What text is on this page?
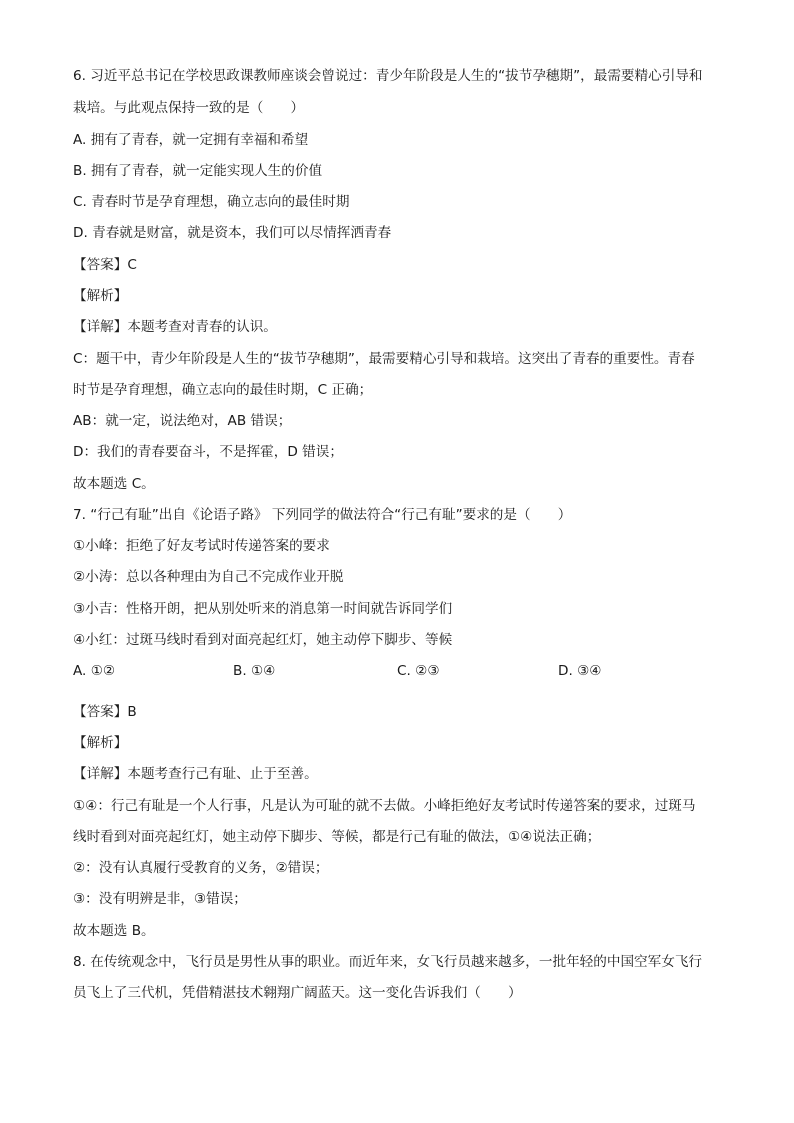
6. 习近平总书记在学校思政课教师座谈会曾说过：青少年阶段是人生的“拔节孕穗期”，最需要精心引导和
栽培。与此观点保持一致的是（　　）
A. 拥有了青春，就一定拥有幸福和希望
B. 拥有了青春，就一定能实现人生的价值
C. 青春时节是孕育理想，确立志向的最佳时期
D. 青春就是财富，就是资本，我们可以尽情挥洒青春
【答案】C
【解析】
【详解】本题考查对青春的认识。
C：题干中，青少年阶段是人生的“拔节孕穗期”，最需要精心引导和栽培。这突出了青春的重要性。青春
时节是孕育理想，确立志向的最佳时期，C 正确；
AB：就一定，说法绝对，AB 错误；
D：我们的青春要奋斗，不是挥霍，D 错误；
故本题选 C。
7. “行己有耻”出自《论语子路》 下列同学的做法符合“行己有耻”要求的是（　　）
①小峰：拒绝了好友考试时传递答案的要求
②小涛：总以各种理由为自己不完成作业开脱
③小吉：性格开朗，把从别处听来的消息第一时间就告诉同学们
④小红：过斑马线时看到对面亮起红灯，她主动停下脚步、等候
A. ①②	B. ①④	C. ②③	D. ③④
【答案】B
【解析】
【详解】本题考查行己有耻、止于至善。
①④：行己有耻是一个人行事，凡是认为可耻的就不去做。小峰拒绝好友考试时传递答案的要求，过斑马
线时看到对面亮起红灯，她主动停下脚步、等候，都是行己有耻的做法，①④说法正确；
②：没有认真履行受教育的义务，②错误；
③：没有明辨是非，③错误；
故本题选 B。
8. 在传统观念中，飞行员是男性从事的职业。而近年来，女飞行员越来越多，一批年轻的中国空军女飞行
员飞上了三代机，凭借精湛技术翱翔广阔蓝天。这一变化告诉我们（　　）
